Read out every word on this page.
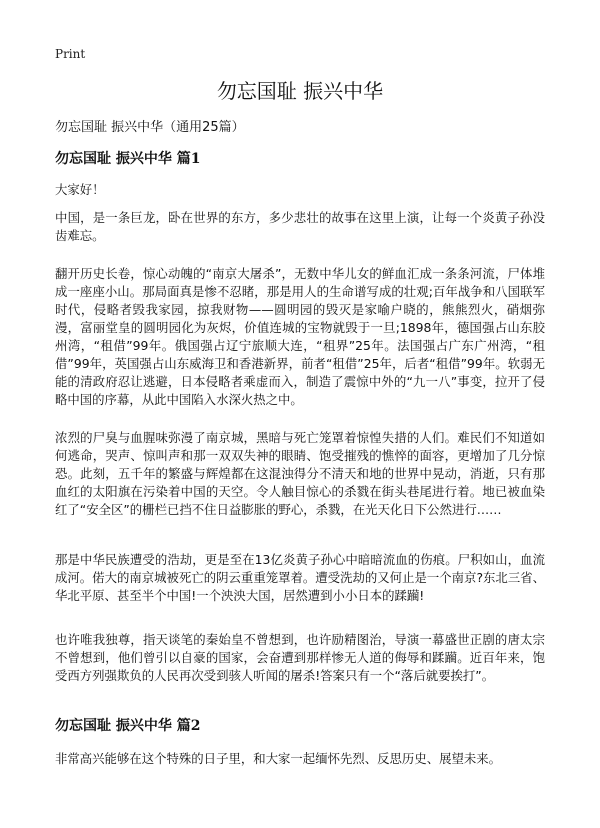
Print
勿忘国耻 振兴中华
勿忘国耻 振兴中华（通用25篇）
勿忘国耻 振兴中华 篇1

大家好！

中国，是一条巨龙，卧在世界的东方，多少悲壮的故事在这里上演，让每一个炎黄子孙没齿难忘。

翻开历史长卷，惊心动魄的“南京大屠杀”，无数中华儿女的鲜血汇成一条条河流，尸体堆成一座座小山。那局面真是惨不忍睹，那是用人的生命谱写成的壮观;百年战争和八国联军时代，侵略者毁我家园，掠我财物——圆明园的毁灭是家喻户晓的，熊熊烈火，硝烟弥漫，富丽堂皇的圆明园化为灰烬，价值连城的宝物就毁于一旦;1898年，德国强占山东胶州湾，“租借”99年。俄国强占辽宁旅顺大连，“租界”25年。法国强占广东广州湾，“租借”99年，英国强占山东威海卫和香港新界，前者“租借”25年，后者“租借”99年。软弱无能的清政府忍让逃避，日本侵略者乘虚而入，制造了震惊中外的“九一八”事变，拉开了侵略中国的序幕，从此中国陷入水深火热之中。

浓烈的尸臭与血腥味弥漫了南京城，黑暗与死亡笼罩着惊惶失措的人们。难民们不知道如何逃命，哭声、惊叫声和那一双双失神的眼睛、饱受摧残的憔悴的面容，更增加了几分惊恐。此刻，五千年的繁盛与辉煌都在这混浊得分不清天和地的世界中晃动，消逝，只有那血红的太阳旗在污染着中国的天空。令人触目惊心的杀戮在街头巷尾进行着。地已被血染红了“安全区”的栅栏已挡不住日益膨胀的野心，杀戮，在光天化日下公然进行……

那是中华民族遭受的浩劫，更是至在13亿炎黄子孙心中暗暗流血的伤痕。尸积如山，血流成河。偌大的南京城被死亡的阴云重重笼罩着。遭受洗劫的又何止是一个南京?东北三省、华北平原、甚至半个中国!一个泱泱大国，居然遭到小小日本的蹂躏!

也许唯我独尊，指天谈笔的秦始皇不曾想到，也许励精图治，导演一幕盛世正剧的唐太宗不曾想到，他们曾引以自豪的国家，会奋遭到那样惨无人道的侮辱和蹂躏。近百年来，饱受西方列强欺负的人民再次受到骇人听闻的屠杀!答案只有一个“落后就要挨打”。

勿忘国耻 振兴中华 篇2

非常高兴能够在这个特殊的日子里，和大家一起缅怀先烈、反思历史、展望未来。
